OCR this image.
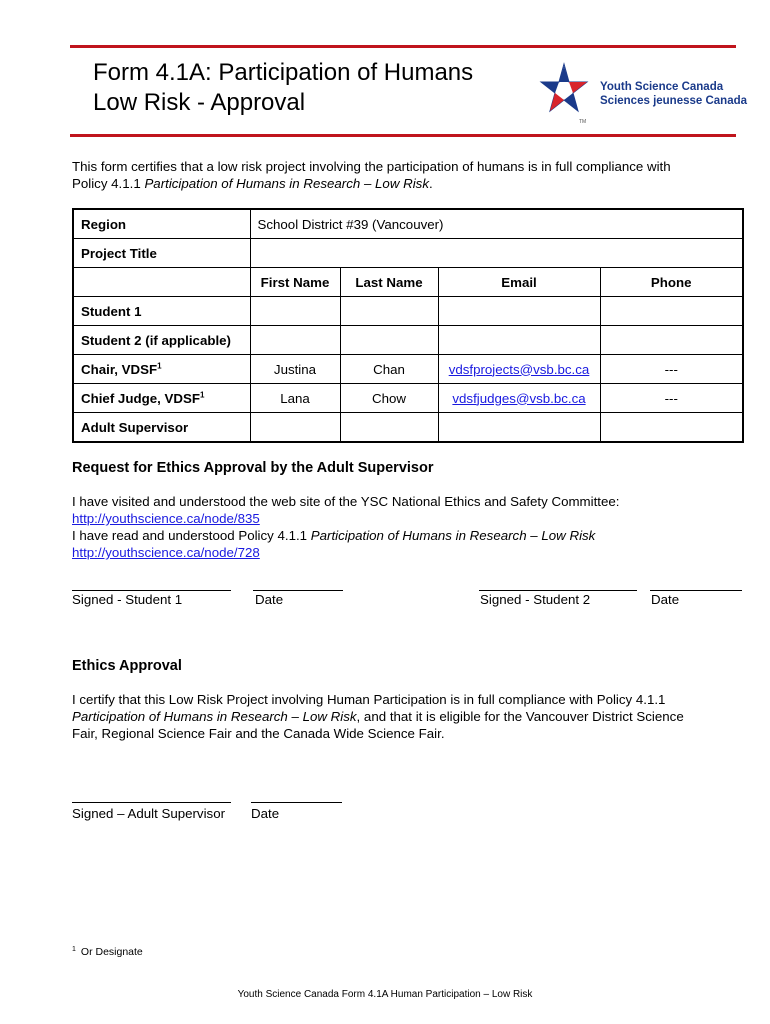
Form 4.1A: Participation of Humans
Low Risk - Approval
Youth Science Canada
Sciences jeunesse Canada
TM
This form certifies that a low risk project involving the participation of humans is in full compliance with
Policy 4.1.1 Participation of Humans in Research – Low Risk.
Region	School District #39 (Vancouver)			
Project Title				
	First Name	Last Name	Email	Phone
Student 1				
Student 2 (if applicable)				
Chair, VDSF$^1$	Justina	Chan	vdsfprojects@vsb.bc.ca	---
Chief Judge, VDSF$^1$	Lana	Chow	vdsfjudges@vsb.bc.ca	---
Adult Supervisor				
Request for Ethics Approval by the Adult Supervisor
I have visited and understood the web site of the YSC National Ethics and Safety Committee:
http://youthscience.ca/node/835
I have read and understood Policy 4.1.1 Participation of Humans in Research – Low Risk
http://youthscience.ca/node/728
Signed - Student 1	Date	Signed - Student 2	Date
Ethics Approval
I certify that this Low Risk Project involving Human Participation is in full compliance with Policy 4.1.1
Participation of Humans in Research – Low Risk, and that it is eligible for the Vancouver District Science
Fair, Regional Science Fair and the Canada Wide Science Fair.
Signed – Adult Supervisor Date
$^1$ Or Designate
Youth Science Canada Form 4.1A Human Participation – Low Risk
